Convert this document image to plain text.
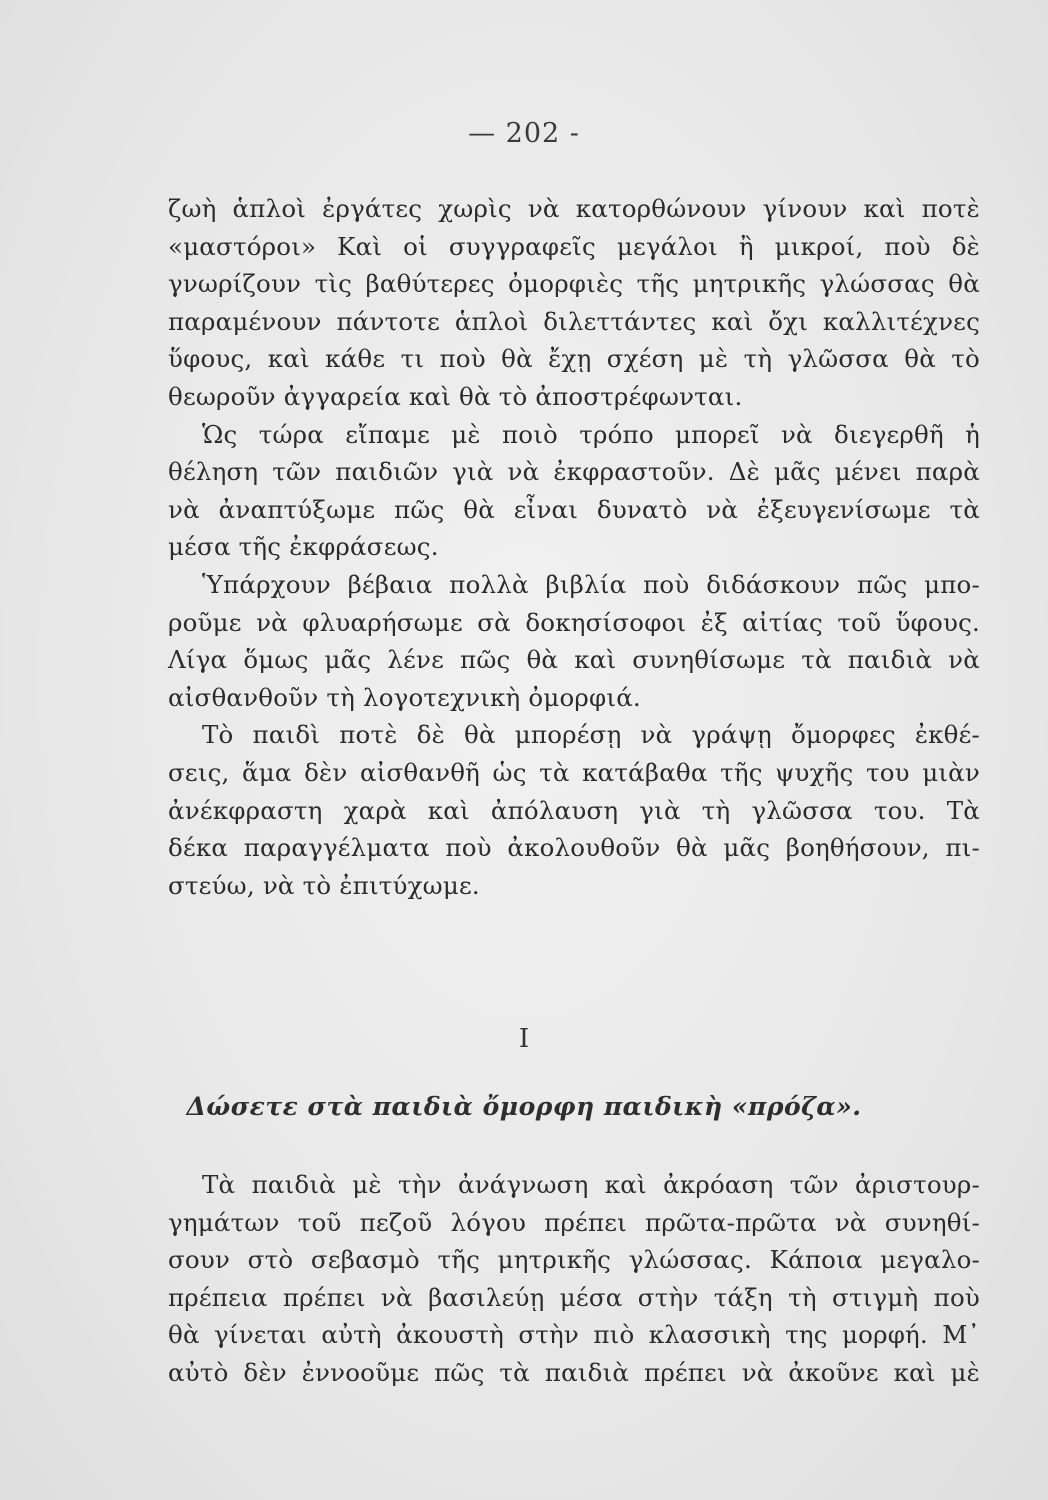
— 202 -
ζωὴ ἁπλοὶ ἐργάτες χωρὶς νὰ κατορθώνουν γίνουν καὶ ποτὲ
«μαστόροι» Καὶ οἱ συγγραφεῖς μεγάλοι ἢ μικροί, ποὺ δὲ
γνωρίζουν τὶς βαθύτερες ὀμορφιὲς τῆς μητρικῆς γλώσσας θὰ
παραμένουν πάντοτε ἁπλοὶ διλεττάντες καὶ ὄχι καλλιτέχνες
ὕφους, καὶ κάθε τι ποὺ θὰ ἔχῃ σχέση μὲ τὴ γλῶσσα θὰ τὸ
θεωροῦν ἀγγαρεία καὶ θὰ τὸ ἀποστρέφωνται.
Ὡς τώρα εἴπαμε μὲ ποιὸ τρόπο μπορεῖ νὰ διεγερθῆ ἡ
θέληση τῶν παιδιῶν γιὰ νὰ ἐκφραστοῦν. Δὲ μᾶς μένει παρὰ
νὰ ἀναπτύξωμε πῶς θὰ εἶναι δυνατὸ νὰ ἐξευγενίσωμε τὰ
μέσα τῆς ἐκφράσεως.
Ὑπάρχουν βέβαια πολλὰ βιβλία ποὺ διδάσκουν πῶς μπο-
ροῦμε νὰ φλυαρήσωμε σὰ δοκησίσοφοι ἐξ αἰτίας τοῦ ὕφους.
Λίγα ὅμως μᾶς λένε πῶς θὰ καὶ συνηθίσωμε τὰ παιδιὰ νὰ
αἰσθανθοῦν τὴ λογοτεχνικὴ ὀμορφιά.
Τὸ παιδὶ ποτὲ δὲ θὰ μπορέσῃ νὰ γράψῃ ὄμορφες ἐκθέ-
σεις, ἅμα δὲν αἰσθανθῆ ὡς τὰ κατάβαθα τῆς ψυχῆς του μιὰν
ἀνέκφραστη χαρὰ καὶ ἀπόλαυση γιὰ τὴ γλῶσσα του. Τὰ
δέκα παραγγέλματα ποὺ ἀκολουθοῦν θὰ μᾶς βοηθήσουν, πι-
στεύω, νὰ τὸ ἐπιτύχωμε.
I
Δώσετε στὰ παιδιὰ ὄμορφη παιδικὴ «πρόζα».
Τὰ παιδιὰ μὲ τὴν ἀνάγνωση καὶ ἀκρόαση τῶν ἀριστουρ-
γημάτων τοῦ πεζοῦ λόγου πρέπει πρῶτα-πρῶτα νὰ συνηθί-
σουν στὸ σεβασμὸ τῆς μητρικῆς γλώσσας. Κάποια μεγαλο-
πρέπεια πρέπει νὰ βασιλεύῃ μέσα στὴν τάξη τὴ στιγμὴ ποὺ
θὰ γίνεται αὐτὴ ἀκουστὴ στὴν πιὸ κλασσικὴ της μορφή. Μ᾽
αὐτὸ δὲν ἐννοοῦμε πῶς τὰ παιδιὰ πρέπει νὰ ἀκοῦνε καὶ μὲ
